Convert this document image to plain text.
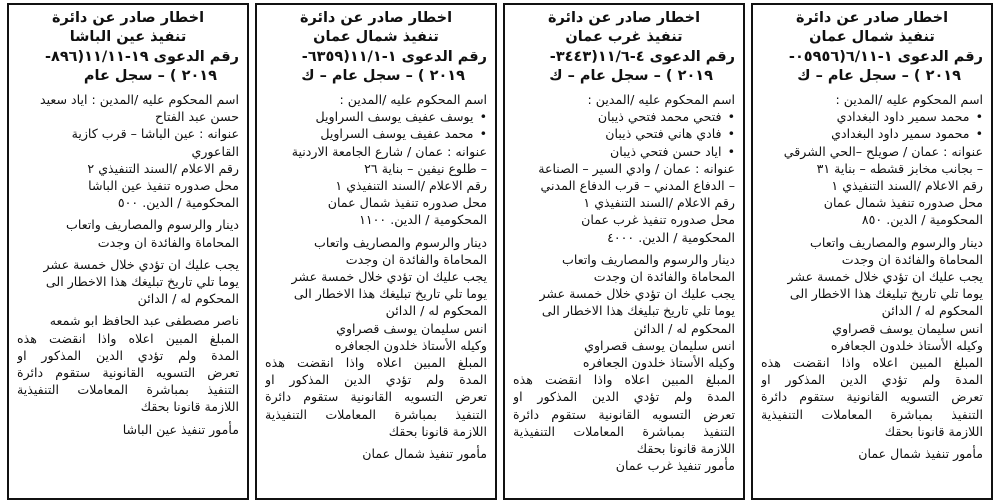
اخطار صادر عن دائرة
تنفيذ عين الباشا
رقم الدعوى ١٩-١١/١١(٨٩٦-
٢٠١٩ ) – سجل عام
اسم المحكوم عليه /المدين : اياد سعيد
حسن عبد الفتاح
عنوانه : عين الباشا – قرب كازية
القاعوري
رقم الاعلام /السند التنفيذي ٢
محل صدوره تنفيذ عين الباشا
المحكومية / الدين. ٥٠٠
دينار والرسوم والمصاريف واتعاب
المحاماة والفائدة ان وجدت
يجب عليك ان تؤدي خلال خمسة عشر
يوما تلي تاريخ تبليغك هذا الاخطار الى
المحكوم له / الدائن
ناصر مصطفى عبد الحافظ ابو شمعه
المبلغ المبين اعلاه واذا انقضت هذه
المدة ولم تؤدي الدين المذكور او
تعرض التسويه القانونية ستقوم دائرة
التنفيذ بمباشرة المعاملات التنفيذية
اللازمة قانونا بحقك
مأمور تنفيذ عين الباشا
اخطار صادر عن دائرة
تنفيذ شمال عمان
رقم الدعوى ١-١١/١(٦٣٥٩-
٢٠١٩ ) – سجل عام – ك
اسم المحكوم عليه /المدين :
• يوسف عفيف يوسف السراويل
• محمد عفيف يوسف السراويل
عنوانه : عمان / شارع الجامعة الاردنية
– طلوع نيفين – بناية ٢٦
رقم الاعلام /السند التنفيذي ١
محل صدوره تنفيذ شمال عمان
المحكومية / الدين. ١١٠٠
دينار والرسوم والمصاريف واتعاب
المحاماة والفائدة ان وجدت
يجب عليك ان تؤدي خلال خمسة عشر
يوما تلي تاريخ تبليغك هذا الاخطار الى
المحكوم له / الدائن
انس سليمان يوسف قصراوي
وكيله الأستاذ خلدون الجعافره
المبلغ المبين اعلاه واذا انقضت هذه
المدة ولم تؤدي الدين المذكور او
تعرض التسويه القانونية ستقوم دائرة
التنفيذ بمباشرة المعاملات التنفيذية
اللازمة قانونا بحقك
مأمور تنفيذ شمال عمان
اخطار صادر عن دائرة
تنفيذ غرب عمان
رقم الدعوى ٤-١١/٦(٣٤٤٣-
٢٠١٩ ) – سجل عام – ك
اسم المحكوم عليه /المدين :
• فتحي محمد فتحي ذيبان
• فادي هاني فتحي ذيبان
• اياد حسن فتحي ذيبان
عنوانه : عمان / وادي السير – الصناعة
– الدفاع المدني – قرب الدفاع المدني
رقم الاعلام /السند التنفيذي ١
محل صدوره تنفيذ غرب عمان
المحكومية / الدين. ٤٠٠٠
دينار والرسوم والمصاريف واتعاب
المحاماة والفائدة ان وجدت
يجب عليك ان تؤدي خلال خمسة عشر
يوما تلي تاريخ تبليغك هذا الاخطار الى
المحكوم له / الدائن
انس سليمان يوسف قصراوي
وكيله الأستاذ خلدون الجعافره
المبلغ المبين اعلاه واذا انقضت هذه
المدة ولم تؤدي الدين المذكور او
تعرض التسويه القانونية ستقوم دائرة
التنفيذ بمباشرة المعاملات التنفيذية
اللازمة قانونا بحقك
مأمور تنفيذ غرب عمان
اخطار صادر عن دائرة
تنفيذ شمال عمان
رقم الدعوى ١-٦/١١(٠٥٩٥٦-
٢٠١٩ ) – سجل عام – ك
اسم المحكوم عليه /المدين :
• محمد سمير داود البغدادي
• محمود سمير داود البغدادي
عنوانه : عمان / صويلح –الحي الشرقي
– بجانب مخابز قشطه – بناية ٣١
رقم الاعلام /السند التنفيذي ١
محل صدوره تنفيذ شمال عمان
المحكومية / الدين. ٨٥٠
دينار والرسوم والمصاريف واتعاب
المحاماة والفائدة ان وجدت
يجب عليك ان تؤدي خلال خمسة عشر
يوما تلي تاريخ تبليغك هذا الاخطار الى
المحكوم له / الدائن
انس سليمان يوسف قصراوي
وكيله الأستاذ خلدون الجعافره
المبلغ المبين اعلاه واذا انقضت هذه
المدة ولم تؤدي الدين المذكور او
تعرض التسويه القانونية ستقوم دائرة
التنفيذ بمباشرة المعاملات التنفيذية
اللازمة قانونا بحقك
مأمور تنفيذ شمال عمان
